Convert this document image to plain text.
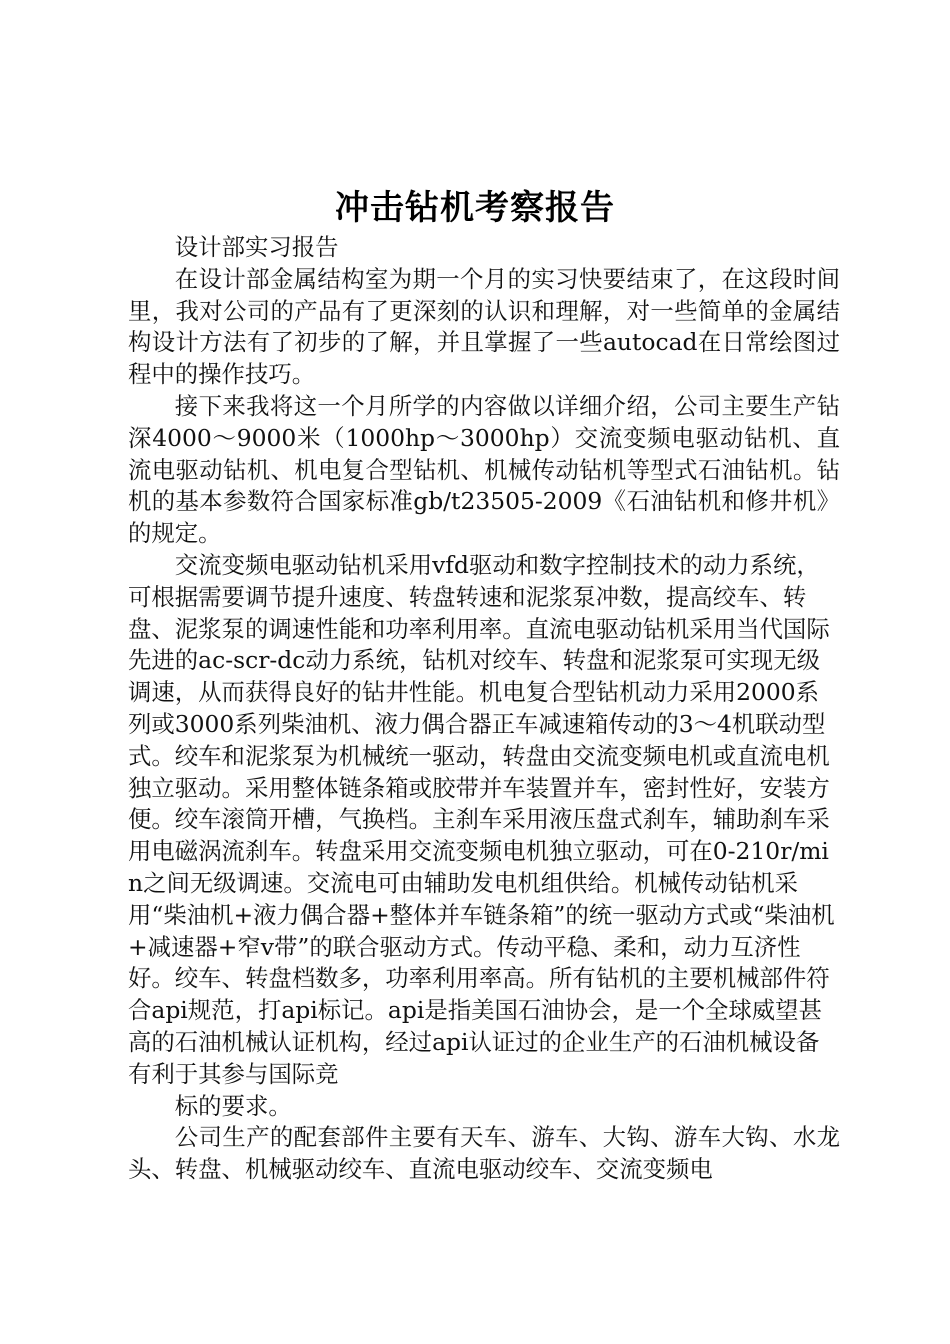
冲击钻机考察报告

设计部实习报告

在设计部金属结构室为期一个月的实习快要结束了，在这段时间里，我对公司的产品有了更深刻的认识和理解，对一些简单的金属结构设计方法有了初步的了解，并且掌握了一些autocad在日常绘图过程中的操作技巧。

接下来我将这一个月所学的内容做以详细介绍，公司主要生产钻深4000～9000米（1000hp～3000hp）交流变频电驱动钻机、直流电驱动钻机、机电复合型钻机、机械传动钻机等型式石油钻机。钻机的基本参数符合国家标准gb/t23505-2009《石油钻机和修井机》的规定。

交流变频电驱动钻机采用vfd驱动和数字控制技术的动力系统，可根据需要调节提升速度、转盘转速和泥浆泵冲数，提高绞车、转盘、泥浆泵的调速性能和功率利用率。直流电驱动钻机采用当代国际先进的ac-scr-dc动力系统，钻机对绞车、转盘和泥浆泵可实现无级调速，从而获得良好的钻井性能。机电复合型钻机动力采用2000系列或3000系列柴油机、液力偶合器正车减速箱传动的3～4机联动型式。绞车和泥浆泵为机械统一驱动，转盘由交流变频电机或直流电机独立驱动。采用整体链条箱或胶带并车装置并车，密封性好，安装方便。绞车滚筒开槽，气换档。主刹车采用液压盘式刹车，辅助刹车采用电磁涡流刹车。转盘采用交流变频电机独立驱动，可在0-210r/min之间无级调速。交流电可由辅助发电机组供给。机械传动钻机采用“柴油机+液力偶合器+整体并车链条箱”的统一驱动方式或“柴油机+减速器+窄v带”的联合驱动方式。传动平稳、柔和，动力互济性好。绞车、转盘档数多，功率利用率高。所有钻机的主要机械部件符合api规范，打api标记。api是指美国石油协会，是一个全球威望甚高的石油机械认证机构，经过api认证过的企业生产的石油机械设备有利于其参与国际竞

标的要求。

公司生产的配套部件主要有天车、游车、大钩、游车大钩、水龙头、转盘、机械驱动绞车、直流电驱动绞车、交流变频电
